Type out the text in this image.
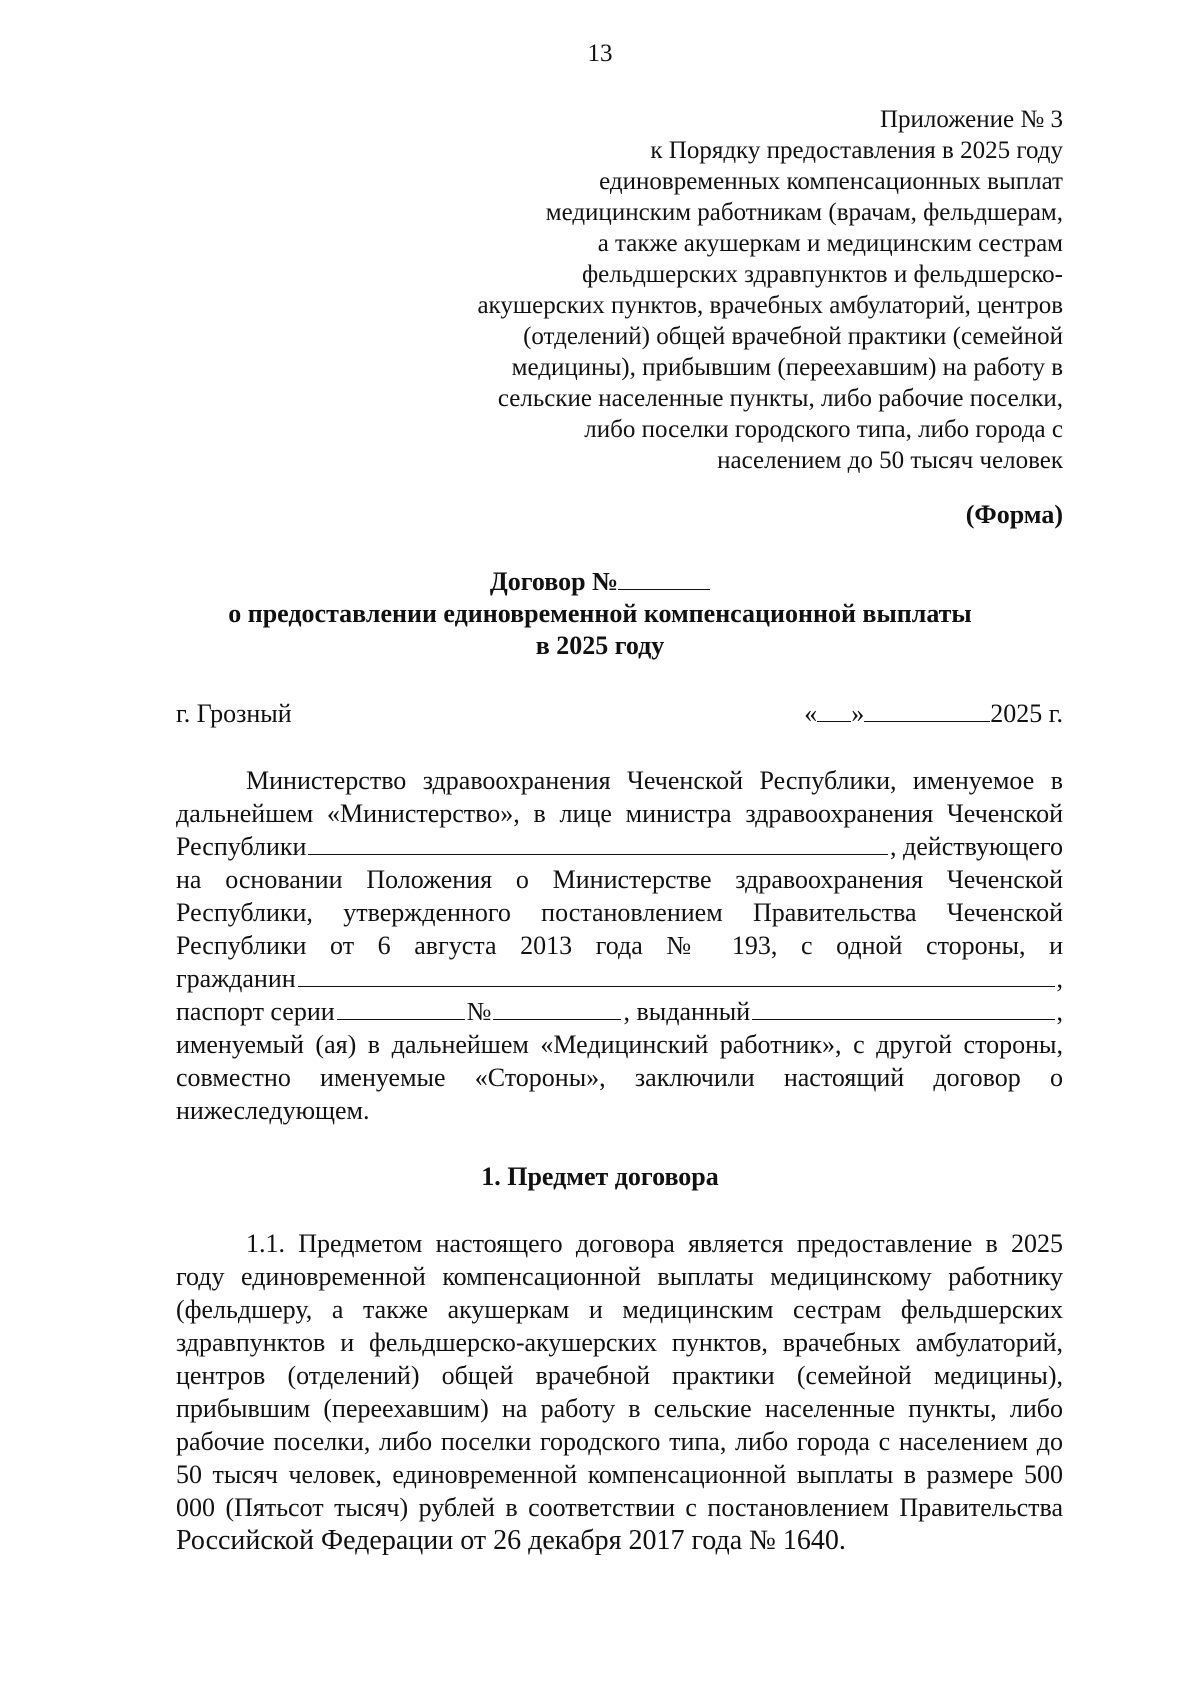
13
Приложение № 3
к Порядку предоставления в 2025 году
единовременных компенсационных выплат
медицинским работникам (врачам, фельдшерам,
а также акушеркам и медицинским сестрам
фельдшерских здравпунктов и фельдшерско-
акушерских пунктов, врачебных амбулаторий, центров
(отделений) общей врачебной практики (семейной
медицины), прибывшим (переехавшим) на работу в
сельские населенные пункты, либо рабочие поселки,
либо поселки городского типа, либо города с
населением до 50 тысяч человек
(Форма)
Договор №
о предоставлении единовременной компенсационной выплаты
в 2025 году
г. Грозный	« »	2025 г.
Министерство здравоохранения Чеченской Республики, именуемое в
дальнейшем «Министерство», в лице министра здравоохранения Чеченской
Республики	, действующего
на основании Положения о Министерстве здравоохранения Чеченской
Республики, утвержденного постановлением Правительства Чеченской
Республики от 6 августа 2013 года № 193, с одной стороны, и
гражданин	,
паспорт серии	№	, выданный	,
именуемый (ая) в дальнейшем «Медицинский работник», с другой стороны,
совместно именуемые «Стороны», заключили настоящий договор о
нижеследующем.
1. Предмет договора
1.1. Предметом настоящего договора является предоставление в 2025
году единовременной компенсационной выплаты медицинскому работнику
(фельдшеру, а также акушеркам и медицинским сестрам фельдшерских
здравпунктов и фельдшерско-акушерских пунктов, врачебных амбулаторий,
центров (отделений) общей врачебной практики (семейной медицины),
прибывшим (переехавшим) на работу в сельские населенные пункты, либо
рабочие поселки, либо поселки городского типа, либо города с населением до
50 тысяч человек, единовременной компенсационной выплаты в размере 500
000 (Пятьсот тысяч) рублей в соответствии с постановлением Правительства
Российской Федерации от 26 декабря 2017 года № 1640.
